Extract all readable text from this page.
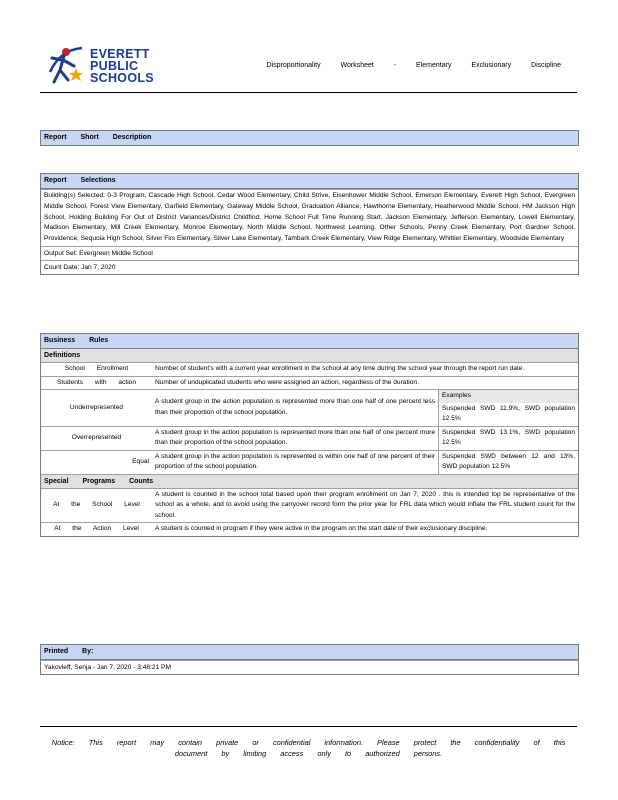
EVERETT
PUBLIC
SCHOOLS
Disproportionality Worksheet - Elementary Exclusionary Discipline
Report Short Description
Report Selections
Building(s) Selected: 0-3 Program, Cascade High School, Cedar Wood Elementary, Child Strive, Eisenhower Middle School, Emerson Elementary, Everett High School, Evergreen Middle School, Forest View Elementary, Garfield Elementary, Gateway Middle School, Graduation Alliance, Hawthorne Elementary, Heatherwood Middle School, HM Jackson High School, Holding Building For Out of District Variances/District Childfind, Home School Full Time Running Start, Jackson Elementary, Jefferson Elementary, Lowell Elementary, Madison Elementary, Mill Creek Elementary, Monroe Elementary, North Middle School, Northwest Learning, Other Schools, Penny Creek Elementary, Port Gardner School, Providence, Sequoia High School, Silver Firs Elementary, Silver Lake Elementary, Tambark Creek Elementary, View Ridge Elementary, Whittier Elementary, Woodside Elementary
Output Set: Evergreen Middle School
Count Date: Jan 7, 2020
Business Rules
Definitions
School Enrollment	Number of student's with a current year enrollment in the school at any time during the school year through the report run date.	
Students with action	Number of unduplicated students who were assigned an action, regardless of the duration.	
Underrepresented	A student group in the action population is represented more than one half of one percent less than their proportion of the school population.	Examples
Suspended SWD 11.9%, SWD population 12.5%
Overrepresented	A student group in the action population is represented more than one half of one percent more than their proportion of the school population.	Suspended SWD 13.1%, SWD population 12.5%
Equal	A student group in the action population is represented is within one half of one percent of their proportion of the school population.	Suspended SWD between 12 and 13%, SWD population 12.5%
Special Programs Counts
At the School Level	A student is counted in the school total based upon their program enrollment on Jan 7, 2020 . this is intended top be representative of the school as a whole, and to avoid using the carryover record form the prior year for FRL data which would inflate the FRL student count for the school.
At the Action Level	A student is counted in program if they were active in the program on the start date of their exclusionary discipline.
Printed By:
Yakovleff, Senja - Jan 7, 2020 - 3:48:21 PM
Notice: This report may contain private or confidential information. Please protect the confidentiality of this
document by limiting access only to authorized persons.
